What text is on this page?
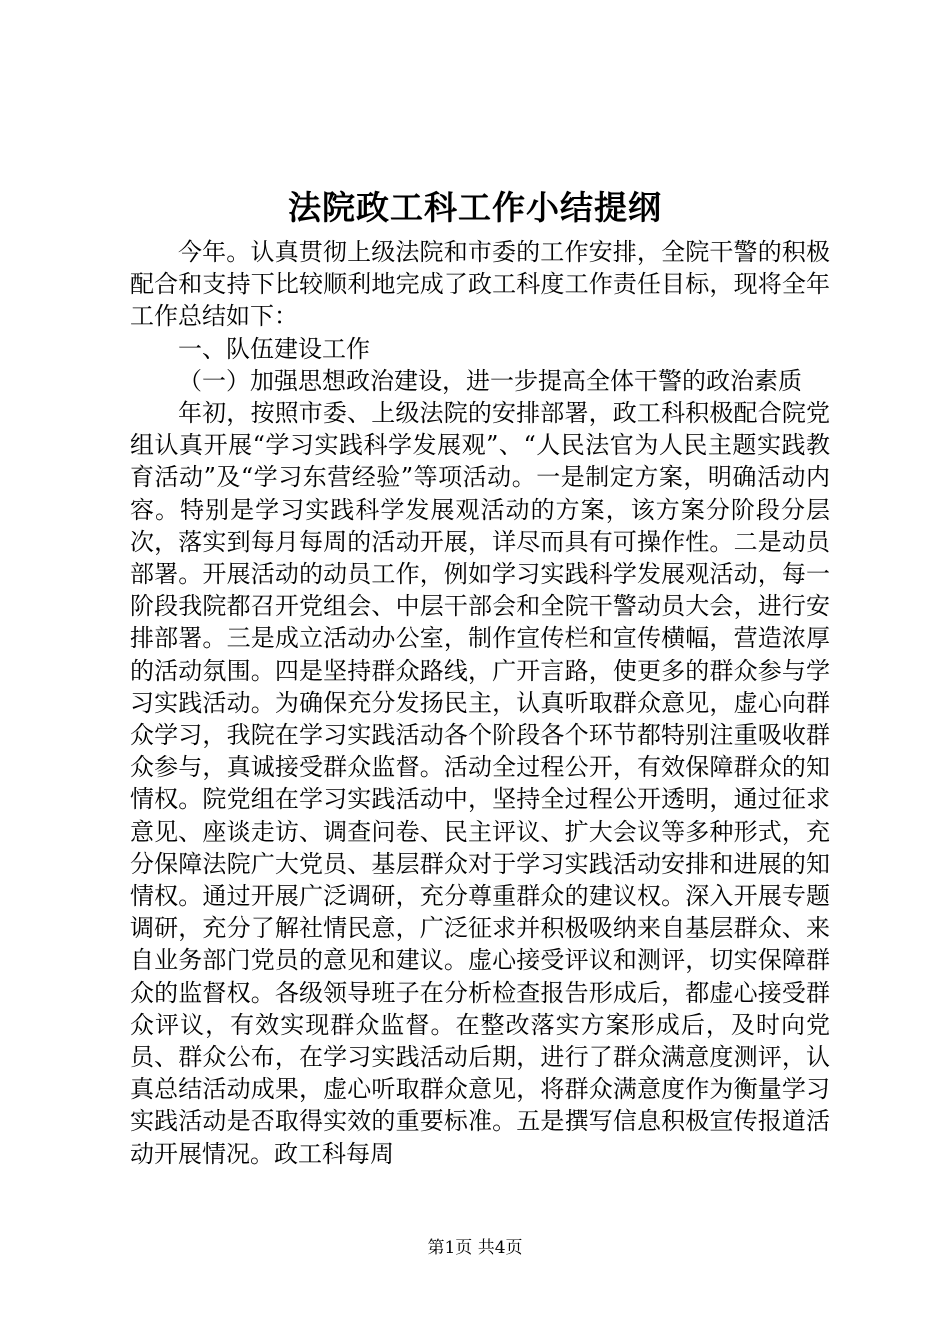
法院政工科工作小结提纲

今年。认真贯彻上级法院和市委的工作安排，全院干警的积极配合和支持下比较顺利地完成了政工科度工作责任目标，现将全年工作总结如下：

一、队伍建设工作

（一）加强思想政治建设，进一步提高全体干警的政治素质

年初，按照市委、上级法院的安排部署，政工科积极配合院党组认真开展“学习实践科学发展观”、“人民法官为人民主题实践教育活动”及“学习东营经验”等项活动。一是制定方案，明确活动内容。特别是学习实践科学发展观活动的方案，该方案分阶段分层次，落实到每月每周的活动开展，详尽而具有可操作性。二是动员部署。开展活动的动员工作，例如学习实践科学发展观活动，每一阶段我院都召开党组会、中层干部会和全院干警动员大会，进行安排部署。三是成立活动办公室，制作宣传栏和宣传横幅，营造浓厚的活动氛围。四是坚持群众路线，广开言路，使更多的群众参与学习实践活动。为确保充分发扬民主，认真听取群众意见，虚心向群众学习，我院在学习实践活动各个阶段各个环节都特别注重吸收群众参与，真诚接受群众监督。活动全过程公开，有效保障群众的知情权。院党组在学习实践活动中，坚持全过程公开透明，通过征求意见、座谈走访、调查问卷、民主评议、扩大会议等多种形式，充分保障法院广大党员、基层群众对于学习实践活动安排和进展的知情权。通过开展广泛调研，充分尊重群众的建议权。深入开展专题调研，充分了解社情民意，广泛征求并积极吸纳来自基层群众、来自业务部门党员的意见和建议。虚心接受评议和测评，切实保障群众的监督权。各级领导班子在分析检查报告形成后，都虚心接受群众评议，有效实现群众监督。在整改落实方案形成后，及时向党员、群众公布，在学习实践活动后期，进行了群众满意度测评，认真总结活动成果，虚心听取群众意见，将群众满意度作为衡量学习实践活动是否取得实效的重要标准。五是撰写信息积极宣传报道活动开展情况。政工科每周

第1页 共4页
